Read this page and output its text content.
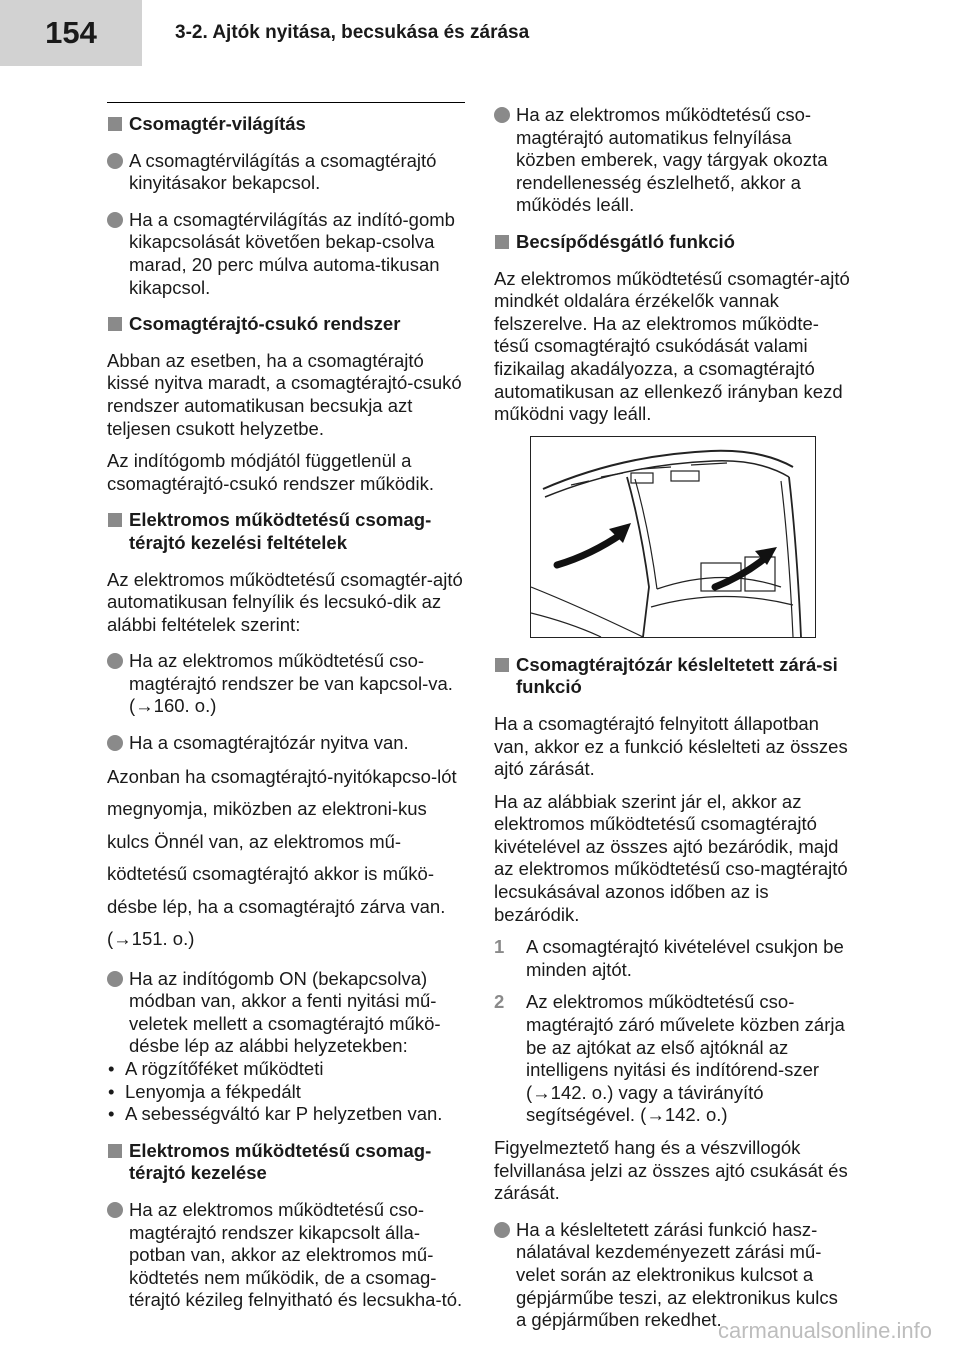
154	3-2. Ajtók nyitása, becsukása és zárása
Csomagtér-világítás
A csomagtérvilágítás a csomagtérajtó kinyitásakor bekapcsol.
Ha a csomagtérvilágítás az indító-gomb kikapcsolását követően bekap-csolva marad, 20 perc múlva automa-tikusan kikapcsol.
Csomagtérajtó-csukó rendszer
Abban az esetben, ha a csomagtérajtó kissé nyitva maradt, a csomagtérajtó-csukó rendszer automatikusan becsukja azt teljesen csukott helyzetbe.
Az indítógomb módjától függetlenül a csomagtérajtó-csukó rendszer működik.
Elektromos működtetésű csomag-térajtó kezelési feltételek
Az elektromos működtetésű csomagtér-ajtó automatikusan felnyílik és lecsukó-dik az alábbi feltételek szerint:
Ha az elektromos működtetésű cso-magtérajtó rendszer be van kapcsol-va. (→160. o.)
Ha a csomagtérajtózár nyitva van.
Azonban ha csomagtérajtó-nyitókapcso-lót megnyomja, miközben az elektroni-kus kulcs Önnél van, az elektromos mű-ködtetésű csomagtérajtó akkor is műkö-désbe lép, ha a csomagtérajtó zárva van. (→151. o.)
Ha az indítógomb ON (bekapcsolva) módban van, akkor a fenti nyitási mű-veletek mellett a csomagtérajtó műkö-désbe lép az alábbi helyzetekben:
• A rögzítőféket működteti
• Lenyomja a fékpedált
• A sebességváltó kar P helyzetben van.
Elektromos működtetésű csomag-térajtó kezelése
Ha az elektromos működtetésű cso-magtérajtó rendszer kikapcsolt álla-potban van, akkor az elektromos mű-ködtetés nem működik, de a csomag-térajtó kézileg felnyitható és lecsukha-tó.
Ha az elektromos működtetésű cso-magtérajtó automatikus felnyílása közben emberek, vagy tárgyak okozta rendellenesség észlelhető, akkor a működés leáll.
Becsípődésgátló funkció
Az elektromos működtetésű csomagtér-ajtó mindkét oldalára érzékelők vannak felszerelve. Ha az elektromos működte-tésű csomagtérajtó csukódását valami fizikailag akadályozza, a csomagtérajtó automatikusan az ellenkező irányban kezd működni vagy leáll.
Csomagtérajtózár késleltetett zárá-si funkció
Ha a csomagtérajtó felnyitott állapotban van, akkor ez a funkció késlelteti az összes ajtó zárását.
Ha az alábbiak szerint jár el, akkor az elektromos működtetésű csomagtérajtó kivételével az összes ajtó bezáródik, majd az elektromos működtetésű cso-magtérajtó lecsukásával azonos időben az is bezáródik.
1 A csomagtérajtó kivételével csukjon be minden ajtót.
2 Az elektromos működtetésű cso-magtérajtó záró művelete közben zárja be az ajtókat az első ajtóknál az intelligens nyitási és indítórend-szer (→142. o.) vagy a távirányító segítségével. (→142. o.)
Figyelmeztető hang és a vészvillogók felvillanása jelzi az összes ajtó csukását és zárását.
Ha a késleltetett zárási funkció hasz-nálatával kezdeményezett zárási mű-velet során az elektronikus kulcsot a gépjárműbe teszi, az elektronikus kulcs a gépjárműben rekedhet.
carmanualsonline.info
